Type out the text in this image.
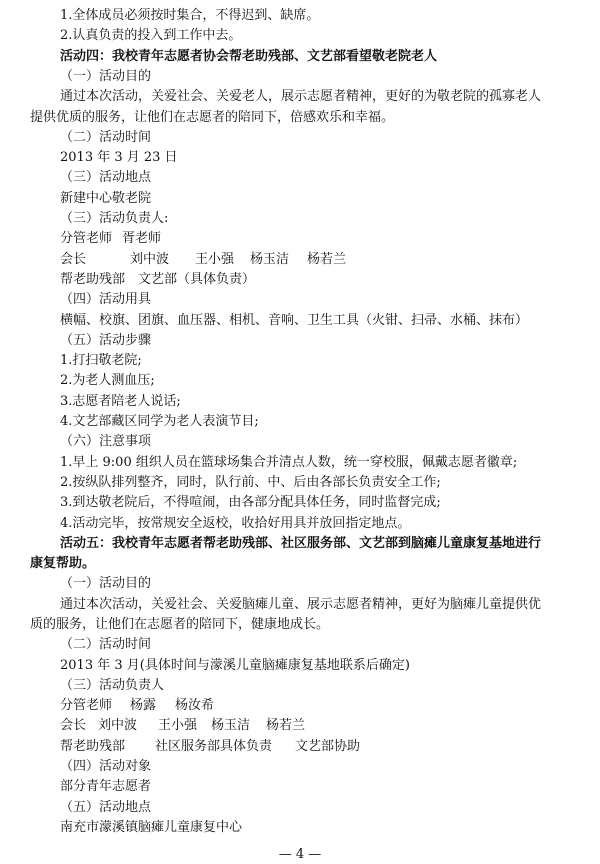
1.全体成员必须按时集合，不得迟到、缺席。
2.认真负责的投入到工作中去。
活动四：我校青年志愿者协会帮老助残部、文艺部看望敬老院老人
（一）活动目的
通过本次活动，关爱社会、关爱老人，展示志愿者精神，更好的为敬老院的孤寡老人
提供优质的服务，让他们在志愿者的陪同下，倍感欢乐和幸福。
（二）活动时间
2013 年 3 月 23 日
（三）活动地点
新建中心敬老院
（三）活动负责人:
分管老师 胥老师
会长	刘中波 王小强 杨玉洁 杨若兰
帮老助残部　文艺部（具体负责）
（四）活动用具
横幅、校旗、团旗、血压器、相机、音响、卫生工具（火钳、扫帚、水桶、抹布）
（五）活动步骤
1.打扫敬老院;
2.为老人测血压;
3.志愿者陪老人说话;
4.文艺部藏区同学为老人表演节目;
（六）注意事项
1.早上 9:00 组织人员在篮球场集合并清点人数，统一穿校服，佩戴志愿者徽章;
2.按纵队排列整齐，同时，队行前、中、后由各部长负责安全工作;
3.到达敬老院后，不得喧闹，由各部分配具体任务，同时监督完成;
4.活动完毕，按常规安全返校，收拾好用具并放回指定地点。
活动五：我校青年志愿者帮老助残部、社区服务部、文艺部到脑瘫儿童康复基地进行
康复帮助。
（一）活动目的
通过本次活动，关爱社会、关爱脑瘫儿童、展示志愿者精神，更好为脑瘫儿童提供优
质的服务，让他们在志愿者的陪同下，健康地成长。
（二）活动时间
2013 年 3 月(具体时间与濛溪儿童脑瘫康复基地联系后确定)
（三）活动负责人
分管老师 杨露 杨汝希
会长 刘中波 王小强 杨玉洁 杨若兰
帮老助残部 社区服务部具体负责 文艺部协助
（四）活动对象
部分青年志愿者
（五）活动地点
南充市濛溪镇脑瘫儿童康复中心
— 4 —
